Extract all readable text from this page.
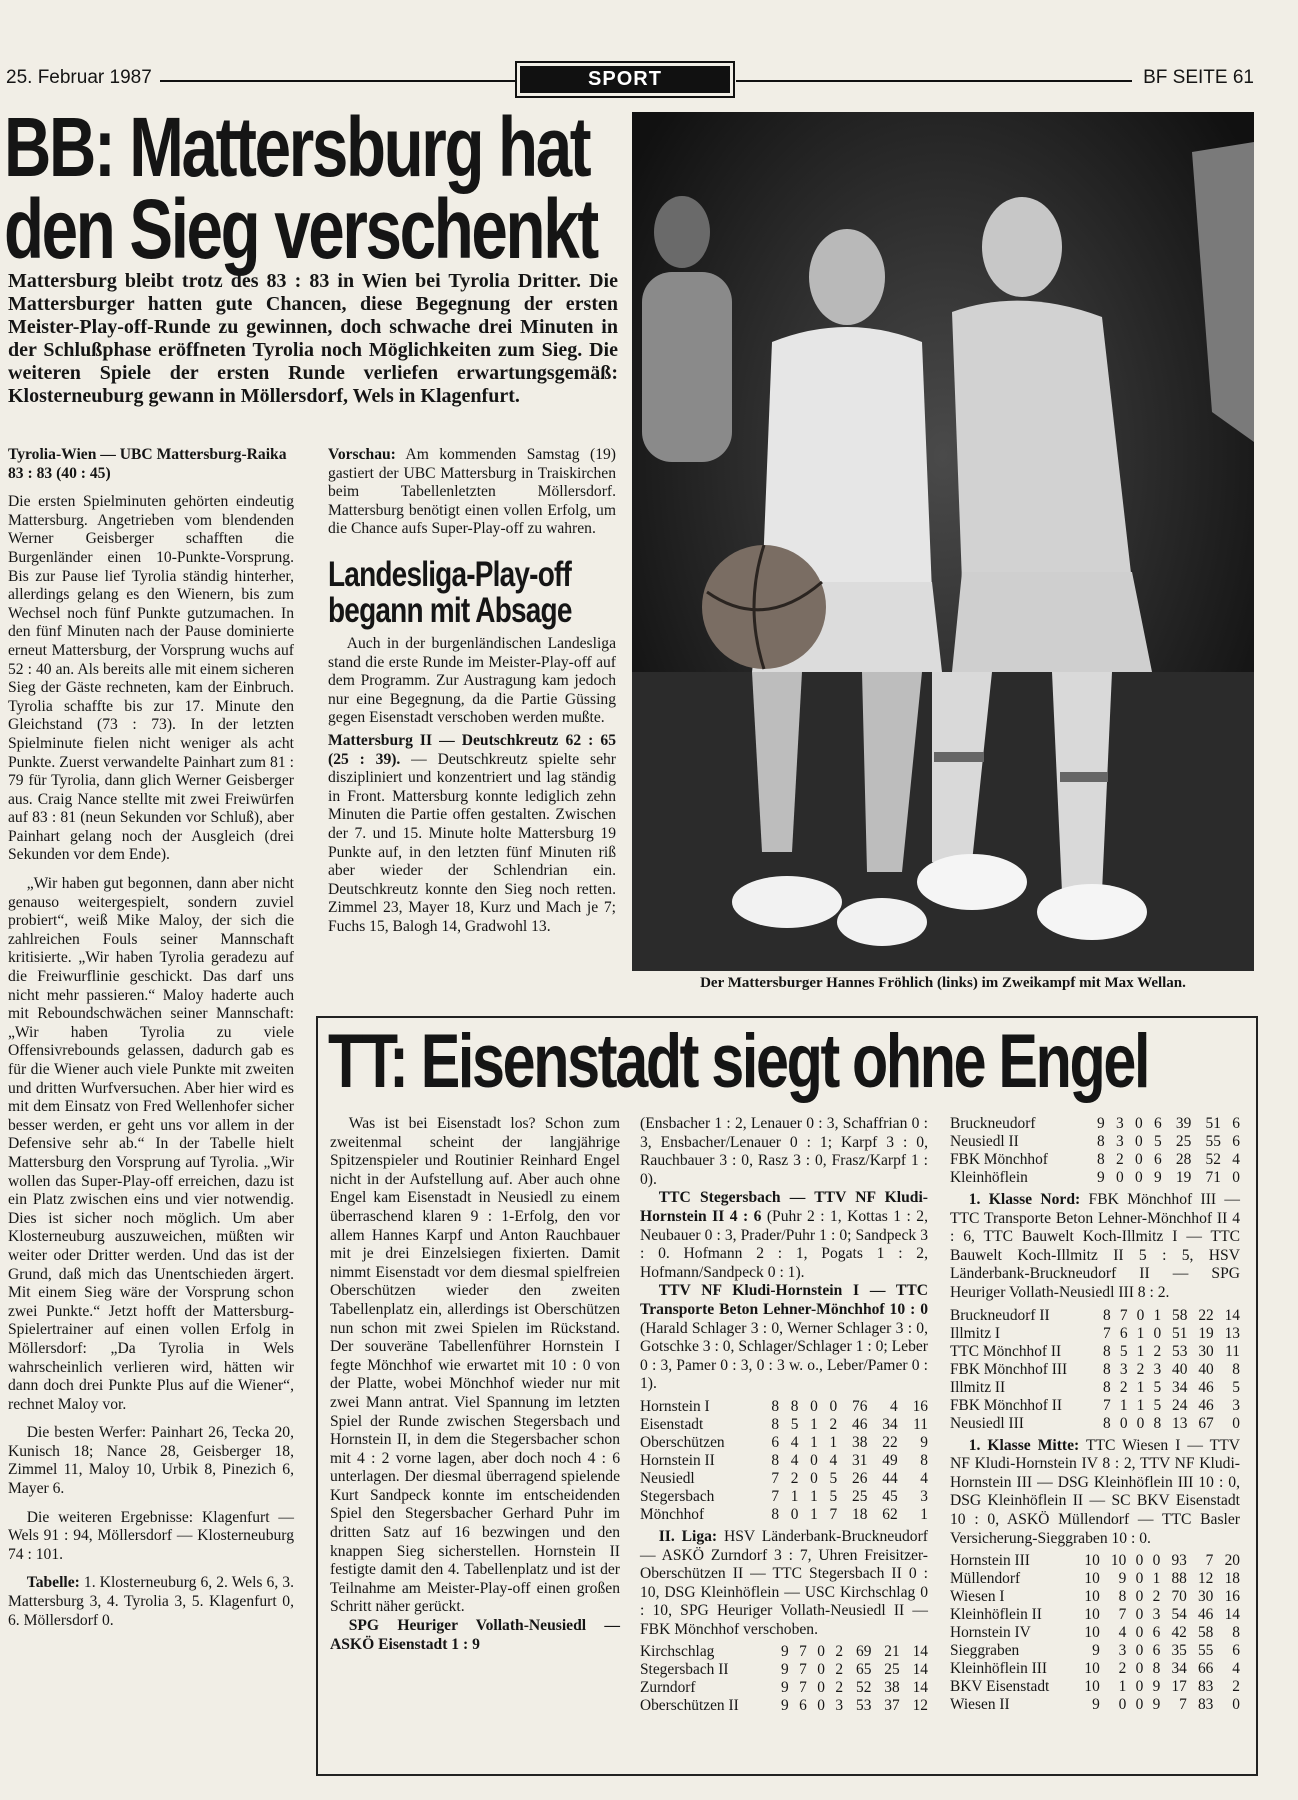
25. Februar 1987	SPORT	BF SEITE 61
BB: Mattersburg hat
den Sieg verschenkt

Mattersburg bleibt trotz des 83 : 83 in Wien bei Tyrolia Dritter. Die Mattersburger hatten gute Chancen, diese Begegnung der ersten Meister-Play-off-Runde zu gewinnen, doch schwache drei Minuten in der Schlußphase eröffneten Tyrolia noch Möglichkeiten zum Sieg. Die weiteren Spiele der ersten Runde verliefen erwartungsgemäß: Klosterneuburg gewann in Möllersdorf, Wels in Klagenfurt.

Tyrolia-Wien — UBC Mattersburg-Raika 83 : 83 (40 : 45)

Die ersten Spielminuten gehörten eindeutig Mattersburg. Angetrieben vom blendenden Werner Geisberger schafften die Burgenländer einen 10-Punkte-Vorsprung. Bis zur Pause lief Tyrolia ständig hinterher, allerdings gelang es den Wienern, bis zum Wechsel noch fünf Punkte gutzumachen. In den fünf Minuten nach der Pause dominierte erneut Mattersburg, der Vorsprung wuchs auf 52 : 40 an. Als bereits alle mit einem sicheren Sieg der Gäste rechneten, kam der Einbruch. Tyrolia schaffte bis zur 17. Minute den Gleichstand (73 : 73). In der letzten Spielminute fielen nicht weniger als acht Punkte. Zuerst verwandelte Painhart zum 81 : 79 für Tyrolia, dann glich Werner Geisberger aus. Craig Nance stellte mit zwei Freiwürfen auf 83 : 81 (neun Sekunden vor Schluß), aber Painhart gelang noch der Ausgleich (drei Sekunden vor dem Ende).

„Wir haben gut begonnen, dann aber nicht genauso weitergespielt, sondern zuviel probiert“, weiß Mike Maloy, der sich die zahlreichen Fouls seiner Mannschaft kritisierte. „Wir haben Tyrolia geradezu auf die Freiwurflinie geschickt. Das darf uns nicht mehr passieren.“ Maloy haderte auch mit Reboundschwächen seiner Mannschaft: „Wir haben Tyrolia zu viele Offensivrebounds gelassen, dadurch gab es für die Wiener auch viele Punkte mit zweiten und dritten Wurfversuchen. Aber hier wird es mit dem Einsatz von Fred Wellenhofer sicher besser werden, er geht uns vor allem in der Defensive sehr ab.“ In der Tabelle hielt Mattersburg den Vorsprung auf Tyrolia. „Wir wollen das Super-Play-off erreichen, dazu ist ein Platz zwischen eins und vier notwendig. Dies ist sicher noch möglich. Um aber Klosterneuburg auszuweichen, müßten wir weiter oder Dritter werden. Und das ist der Grund, daß mich das Unentschieden ärgert. Mit einem Sieg wäre der Vorsprung schon zwei Punkte.“ Jetzt hofft der Mattersburg-Spielertrainer auf einen vollen Erfolg in Möllersdorf: „Da Tyrolia in Wels wahrscheinlich verlieren wird, hätten wir dann doch drei Punkte Plus auf die Wiener“, rechnet Maloy vor.

Die besten Werfer: Painhart 26, Tecka 20, Kunisch 18; Nance 28, Geisberger 18, Zimmel 11, Maloy 10, Urbik 8, Pinezich 6, Mayer 6.

Die weiteren Ergebnisse: Klagenfurt — Wels 91 : 94, Möllersdorf — Klosterneuburg 74 : 101.

Tabelle: 1. Klosterneuburg 6, 2. Wels 6, 3. Mattersburg 3, 4. Tyrolia 3, 5. Klagenfurt 0, 6. Möllersdorf 0.

Vorschau: Am kommenden Samstag (19) gastiert der UBC Mattersburg in Traiskirchen beim Tabellenletzten Möllersdorf. Mattersburg benötigt einen vollen Erfolg, um die Chance aufs Super-Play-off zu wahren.

Landesliga-Play-off
begann mit Absage

Auch in der burgenländischen Landesliga stand die erste Runde im Meister-Play-off auf dem Programm. Zur Austragung kam jedoch nur eine Begegnung, da die Partie Güssing gegen Eisenstadt verschoben werden mußte.

Mattersburg II — Deutschkreutz 62 : 65 (25 : 39). — Deutschkreutz spielte sehr diszipliniert und konzentriert und lag ständig in Front. Mattersburg konnte lediglich zehn Minuten die Partie offen gestalten. Zwischen der 7. und 15. Minute holte Mattersburg 19 Punkte auf, in den letzten fünf Minuten riß aber wieder der Schlendrian ein. Deutschkreutz konnte den Sieg noch retten. Zimmel 23, Mayer 18, Kurz und Mach je 7; Fuchs 15, Balogh 14, Gradwohl 13.

Der Mattersburger Hannes Fröhlich (links) im Zweikampf mit Max Wellan.

TT: Eisenstadt siegt ohne Engel

Was ist bei Eisenstadt los? Schon zum zweitenmal scheint der langjährige Spitzenspieler und Routinier Reinhard Engel nicht in der Aufstellung auf. Aber auch ohne Engel kam Eisenstadt in Neusiedl zu einem überraschend klaren 9 : 1-Erfolg, den vor allem Hannes Karpf und Anton Rauchbauer mit je drei Einzelsiegen fixierten. Damit nimmt Eisenstadt vor dem diesmal spielfreien Oberschützen wieder den zweiten Tabellenplatz ein, allerdings ist Oberschützen nun schon mit zwei Spielen im Rückstand. Der souveräne Tabellenführer Hornstein I fegte Mönchhof wie erwartet mit 10 : 0 von der Platte, wobei Mönchhof wieder nur mit zwei Mann antrat. Viel Spannung im letzten Spiel der Runde zwischen Stegersbach und Hornstein II, in dem die Stegersbacher schon mit 4 : 2 vorne lagen, aber doch noch 4 : 6 unterlagen. Der diesmal überragend spielende Kurt Sandpeck konnte im entscheidenden Spiel den Stegersbacher Gerhard Puhr im dritten Satz auf 16 bezwingen und den knappen Sieg sicherstellen. Hornstein II festigte damit den 4. Tabellenplatz und ist der Teilnahme am Meister-Play-off einen großen Schritt näher gerückt.

SPG Heuriger Vollath-Neusiedl — ASKÖ Eisenstadt 1 : 9

(Ensbacher 1 : 2, Lenauer 0 : 3, Schaffrian 0 : 3, Ensbacher/Lenauer 0 : 1; Karpf 3 : 0, Rauchbauer 3 : 0, Rasz 3 : 0, Frasz/Karpf 1 : 0).

TTC Stegersbach — TTV NF Kludi-Hornstein II 4 : 6 (Puhr 2 : 1, Kottas 1 : 2, Neubauer 0 : 3, Prader/Puhr 1 : 0; Sandpeck 3 : 0. Hofmann 2 : 1, Pogats 1 : 2, Hofmann/Sandpeck 0 : 1).

TTV NF Kludi-Hornstein I — TTC Transporte Beton Lehner-Mönchhof 10 : 0 (Harald Schlager 3 : 0, Werner Schlager 3 : 0, Gotschke 3 : 0, Schlager/Schlager 1 : 0; Leber 0 : 3, Pamer 0 : 3, 0 : 3 w. o., Leber/Pamer 0 : 1).

Hornstein I	8	8	0	0	76	4	16
Eisenstadt	8	5	1	2	46	34	11
Oberschützen	6	4	1	1	38	22	9
Hornstein II	8	4	0	4	31	49	8
Neusiedl	7	2	0	5	26	44	4
Stegersbach	7	1	1	5	25	45	3
Mönchhof	8	0	1	7	18	62	1

II. Liga: HSV Länderbank-Bruckneudorf — ASKÖ Zurndorf 3 : 7, Uhren Freisitzer-Oberschützen II — TTC Stegersbach II 0 : 10, DSG Kleinhöflein — USC Kirchschlag 0 : 10, SPG Heuriger Vollath-Neusiedl II — FBK Mönchhof verschoben.

Kirchschlag	9	7	0	2	69	21	14
Stegersbach II	9	7	0	2	65	25	14
Zurndorf	9	7	0	2	52	38	14
Oberschützen II	9	6	0	3	53	37	12
Bruckneudorf	9	3	0	6	39	51	6
Neusiedl II	8	3	0	5	25	55	6
FBK Mönchhof	8	2	0	6	28	52	4
Kleinhöflein	9	0	0	9	19	71	0

1. Klasse Nord: FBK Mönchhof III — TTC Transporte Beton Lehner-Mönchhof II 4 : 6, TTC Bauwelt Koch-Illmitz I — TTC Bauwelt Koch-Illmitz II 5 : 5, HSV Länderbank-Bruckneudorf II — SPG Heuriger Vollath-Neusiedl III 8 : 2.

Bruckneudorf II	8	7	0	1	58	22	14
Illmitz I	7	6	1	0	51	19	13
TTC Mönchhof II	8	5	1	2	53	30	11
FBK Mönchhof III	8	3	2	3	40	40	8
Illmitz II	8	2	1	5	34	46	5
FBK Mönchhof II	7	1	1	5	24	46	3
Neusiedl III	8	0	0	8	13	67	0

1. Klasse Mitte: TTC Wiesen I — TTV NF Kludi-Hornstein IV 8 : 2, TTV NF Kludi-Hornstein III — DSG Kleinhöflein III 10 : 0, DSG Kleinhöflein II — SC BKV Eisenstadt 10 : 0, ASKÖ Müllendorf — TTC Basler Versicherung-Sieggraben 10 : 0.

Hornstein III	10	10	0	0	93	7	20
Müllendorf	10	9	0	1	88	12	18
Wiesen I	10	8	0	2	70	30	16
Kleinhöflein II	10	7	0	3	54	46	14
Hornstein IV	10	4	0	6	42	58	8
Sieggraben	9	3	0	6	35	55	6
Kleinhöflein III	10	2	0	8	34	66	4
BKV Eisenstadt	10	1	0	9	17	83	2
Wiesen II	9	0	0	9	7	83	0
